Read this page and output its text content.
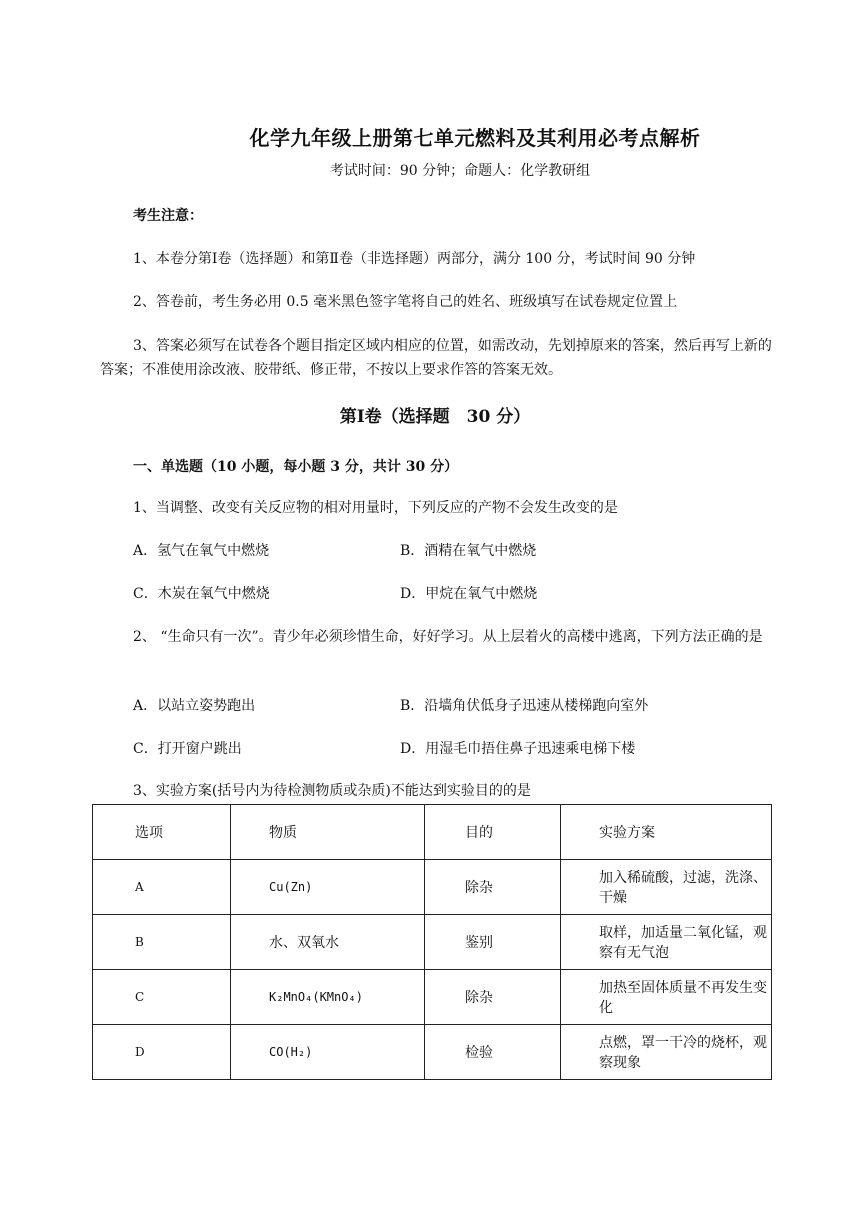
化学九年级上册第七单元燃料及其利用必考点解析
考试时间：90 分钟；命题人：化学教研组
考生注意：
1、本卷分第Ⅰ卷（选择题）和第Ⅱ卷（非选择题）两部分，满分 100 分，考试时间 90 分钟
2、答卷前，考生务必用 0.5 毫米黑色签字笔将自己的姓名、班级填写在试卷规定位置上
3、答案必须写在试卷各个题目指定区域内相应的位置，如需改动，先划掉原来的答案，然后再写上新的答案；不准使用涂改液、胶带纸、修正带，不按以上要求作答的答案无效。
第Ⅰ卷（选择题　30 分）
一、单选题（10 小题，每小题 3 分，共计 30 分）
1、当调整、改变有关反应物的相对用量时，下列反应的产物不会发生改变的是
A．氢气在氧气中燃烧	B．酒精在氧气中燃烧
C．木炭在氧气中燃烧	D．甲烷在氧气中燃烧
2、 “生命只有一次”。青少年必须珍惜生命，好好学习。从上层着火的高楼中逃离，下列方法正确的是
A．以站立姿势跑出	B．沿墙角伏低身子迅速从楼梯跑向室外
C．打开窗户跳出	D．用湿毛巾捂住鼻子迅速乘电梯下楼
3、实验方案(括号内为待检测物质或杂质)不能达到实验目的的是
选项	物质	目的	实验方案
A	Cu(Zn)	除杂	加入稀硫酸，过滤，洗涤、干燥
B	水、双氧水	鉴别	取样，加适量二氧化锰，观察有无气泡
C	K₂MnO₄(KMnO₄)	除杂	加热至固体质量不再发生变化
D	CO(H₂)	检验	点燃，罩一干冷的烧杯，观察现象
